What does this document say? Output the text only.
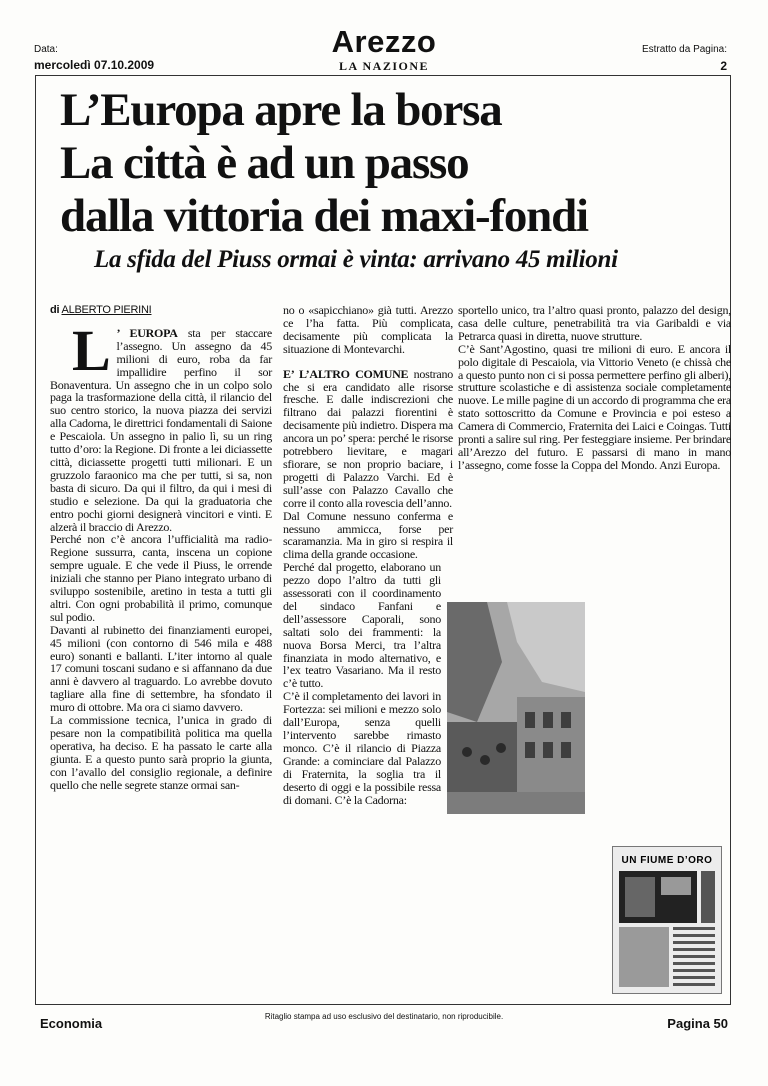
Data:
mercoledì 07.10.2009
Arezzo
LA NAZIONE
Estratto da Pagina:
2
L’Europa apre la borsa
La città è ad un passo
dalla vittoria dei maxi-fondi
La sfida del Piuss ormai è vinta: arrivano 45 milioni
di ALBERTO PIERINI

L ’ EUROPA sta per staccare l’assegno. Un assegno da 45 milioni di euro, roba da far impallidire perfino il sor Bonaventura. Un assegno che in un colpo solo paga la trasformazione della città, il rilancio del suo centro storico, la nuova piazza dei servizi alla Cadorna, le direttrici fondamentali di Saione e Pescaiola. Un assegno in palio lì, su un ring tutto d’oro: la Regione. Di fronte a lei diciassette città, diciassette progetti tutti milionari. E un gruzzolo faraonico ma che per tutti, si sa, non basta di sicuro. Da qui il filtro, da qui i mesi di studio e selezione. Da qui la graduatoria che entro pochi giorni designerà vincitori e vinti. E alzerà il braccio di Arezzo.

Perché non c’è ancora l’ufficialità ma radio-Regione sussurra, canta, inscena un copione sempre uguale. E che vede il Piuss, le orrende iniziali che stanno per Piano integrato urbano di sviluppo sostenibile, aretino in testa a tutti gli altri. Con ogni probabilità il primo, comunque sul podio.

Davanti al rubinetto dei finanziamenti europei, 45 milioni (con contorno di 546 mila e 488 euro) sonanti e ballanti. L’iter intorno al quale 17 comuni toscani sudano e si affannano da due anni è davvero al traguardo. Lo avrebbe dovuto tagliare alla fine di settembre, ha sfondato il muro di ottobre. Ma ora ci siamo davvero.

La commissione tecnica, l’unica in grado di pesare non la compatibilità politica ma quella operativa, ha deciso. E ha passato le carte alla giunta. E a questo punto sarà proprio la giunta, con l’avallo del consiglio regionale, a definire quello che nelle segrete stanze ormai san-

no o «sapicchiano» già tutti. Arezzo ce l’ha fatta. Più complicata, decisamente più complicata la situazione di Montevarchi.

E’ L’ALTRO COMUNE nostrano che si era candidato alle risorse fresche. E dalle indiscrezioni che filtrano dai palazzi fiorentini è decisamente più indietro. Dispera ma ancora un po’ spera: perché le risorse potrebbero lievitare, e magari sfiorare, se non proprio baciare, i progetti di Palazzo Varchi. Ed è sull’asse con Palazzo Cavallo che corre il conto alla rovescia dell’anno.

Dal Comune nessuno conferma e nessuno ammicca, forse per scaramanzia. Ma in giro si respira il clima della grande occasione.

Perché dal progetto, elaborano un pezzo dopo l’altro da tutti gli assessorati con il coordinamento del sindaco Fanfani e dell’assessore Caporali, sono saltati solo dei frammenti: la nuova Borsa Merci, tra l’altra finanziata in modo alternativo, e l’ex teatro Vasariano. Ma il resto c’è tutto.

C’è il completamento dei lavori in Fortezza: sei milioni e mezzo solo dall’Europa, senza quelli l’intervento sarebbe rimasto monco. C’è il rilancio di Piazza Grande: a cominciare dal Palazzo di Fraternita, la soglia tra il deserto di oggi e la possibile ressa di domani. C’è la Cadorna:

sportello unico, tra l’altro quasi pronto, palazzo del design, casa delle culture, penetrabilità tra via Garibaldi e via Petrarca quasi in diretta, nuove strutture.

C’è Sant’Agostino, quasi tre milioni di euro. E ancora il polo digitale di Pescaiola, via Vittorio Veneto (e chissà che a questo punto non ci si possa permettere perfino gli alberi), strutture scolastiche e di assistenza sociale completamente nuove. Le mille pagine di un accordo di programma che era stato sottoscritto da Comune e Provincia e poi esteso a Camera di Commercio, Fraternita dei Laici e Coingas. Tutti pronti a salire sul ring. Per festeggiare insieme. Per brindare all’Arezzo del futuro. E passarsi di mano in mano l’assegno, come fosse la Coppa del Mondo. Anzi Europa.

UN FIUME D’ORO
Economia	Ritaglio stampa ad uso esclusivo del destinatario, non riproducibile.	Pagina 50
